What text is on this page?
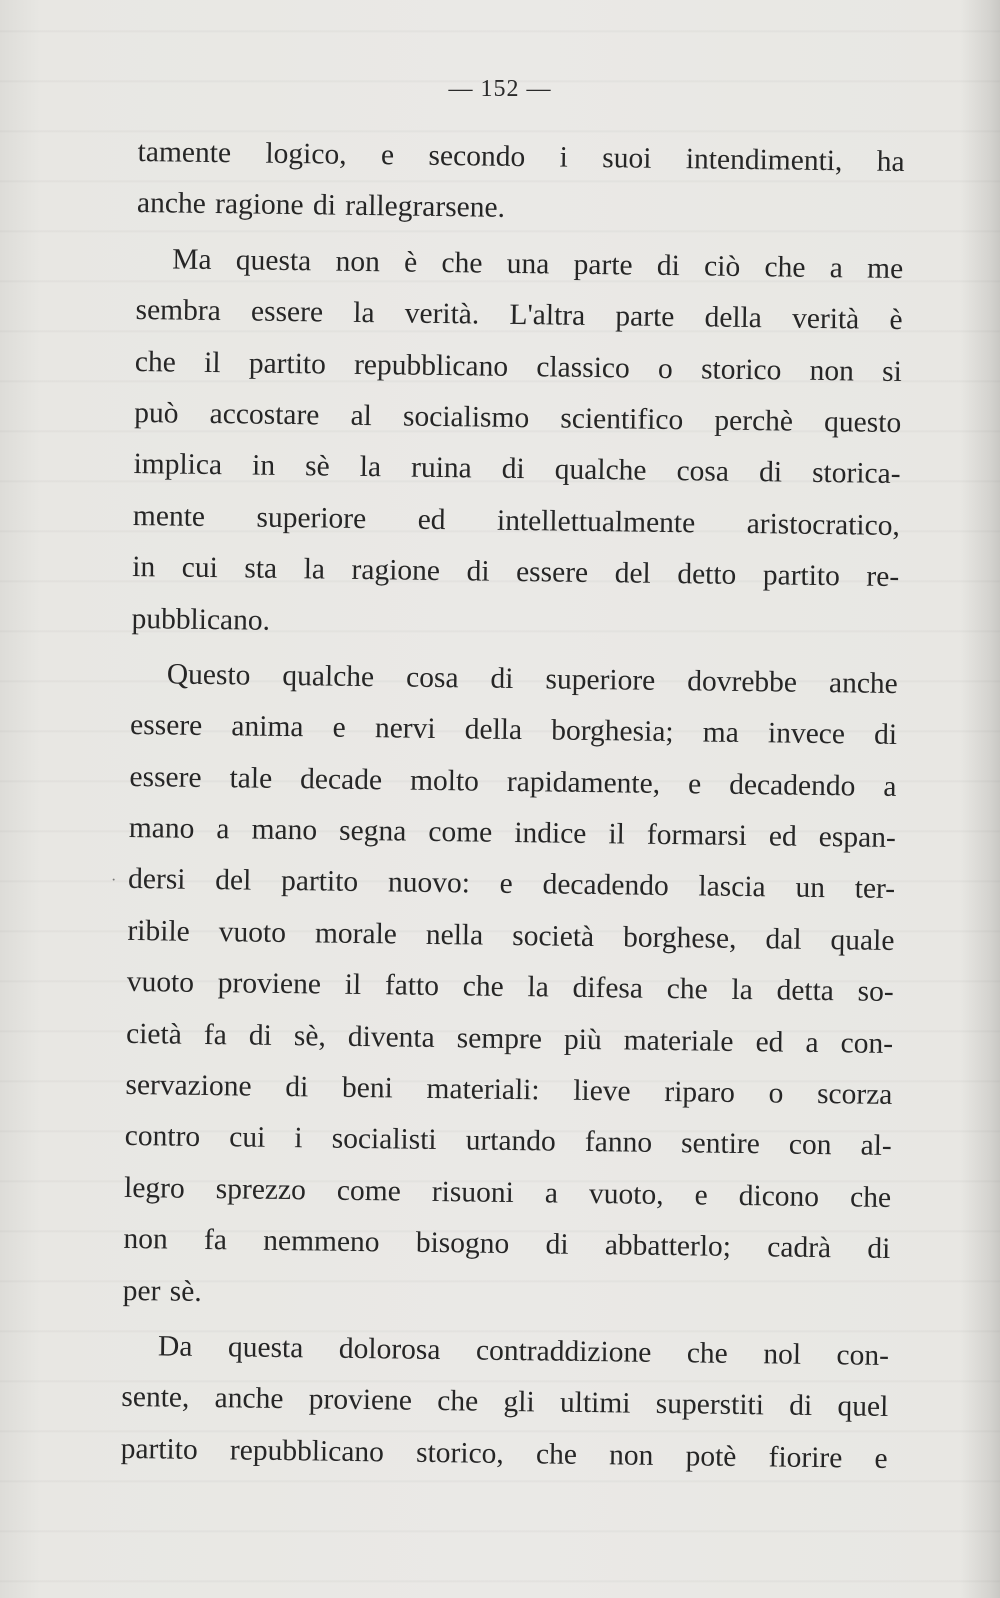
— 152 —
·
tamente logico, e secondo i suoi intendimenti, ha
anche ragione di rallegrarsene.
Ma questa non è che una parte di ciò che a me
sembra essere la verità. L'altra parte della verità è
che il partito repubblicano classico o storico non si
può accostare al socialismo scientifico perchè questo
implica in sè la ruina di qualche cosa di storica-
mente superiore ed intellettualmente aristocratico,
in cui sta la ragione di essere del detto partito re-
pubblicano.
Questo qualche cosa di superiore dovrebbe anche
essere anima e nervi della borghesia; ma invece di
essere tale decade molto rapidamente, e decadendo a
mano a mano segna come indice il formarsi ed espan-
dersi del partito nuovo: e decadendo lascia un ter-
ribile vuoto morale nella società borghese, dal quale
vuoto proviene il fatto che la difesa che la detta so-
cietà fa di sè, diventa sempre più materiale ed a con-
servazione di beni materiali: lieve riparo o scorza
contro cui i socialisti urtando fanno sentire con al-
legro sprezzo come risuoni a vuoto, e dicono che
non fa nemmeno bisogno di abbatterlo; cadrà di
per sè.
Da questa dolorosa contraddizione che nol con-
sente, anche proviene che gli ultimi superstiti di quel
partito repubblicano storico, che non potè fiorire e
